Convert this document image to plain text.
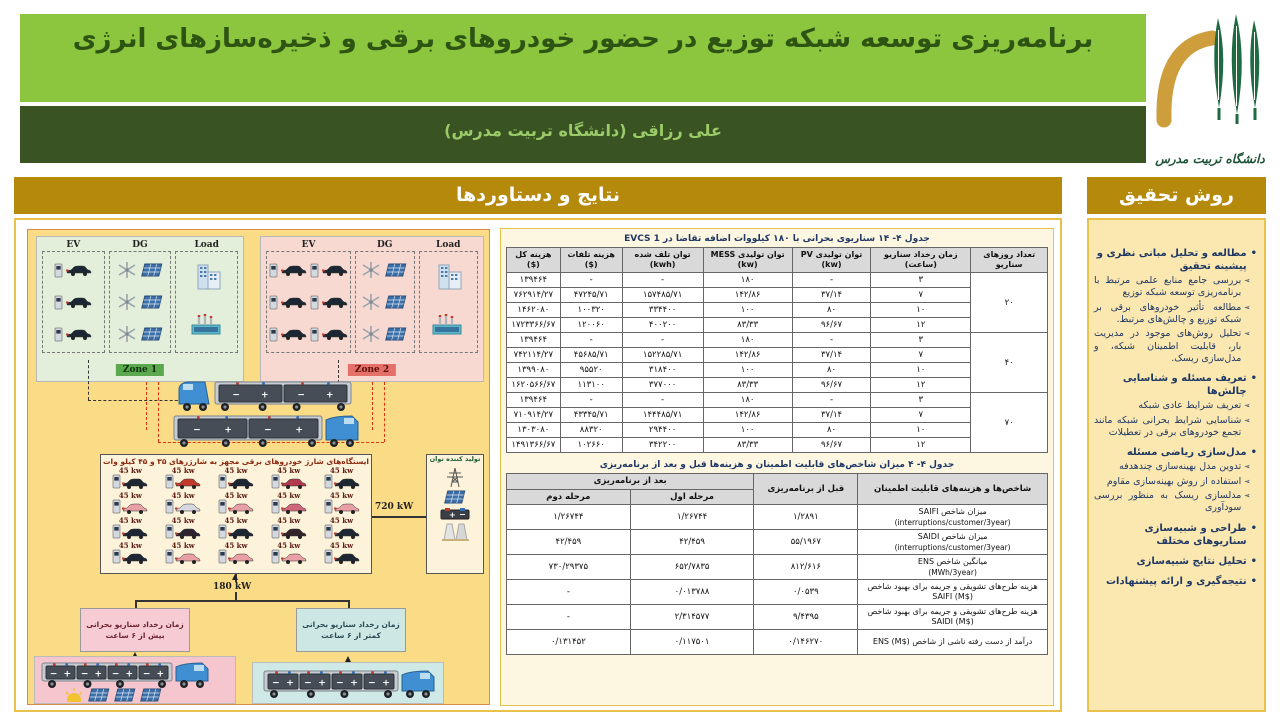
برنامه‌ریزی توسعه شبکه توزیع در حضور خودروهای برقی و ذخیره‌سازهای انرژی
علی رزاقی (دانشگاه تربیت مدرس)
دانشگاه تربیت مدرس
نتایج و دستاوردها	روش تحقیق
EV	DG	Load
Zone 1
EV	DG	Load
Zone 2
− +	− +
−	+	−	+
ایستگاه‌های شارژ خودروهای برقی مجهز به شارژرهای ۳۵ و ۴۵ کیلو وات
45 kw	45 kw	45 kw	45 kw	45 kw
45 kw	45 kw	45 kw	45 kw	45 kw
45 kw	45 kw	45 kw	45 kw	45 kw
45 kw	45 kw	45 kw	45 kw	45 kw
تولید کننده توان
+ −
720 kW
180 kW
زمان رخداد سناریو بحرانی بیش از ۶ ساعت
زمان رخداد سناریو بحرانی کمتر از ۶ ساعت
− + − + − + − +
− + − + − + − +
جدول ۴- ۱۴ سناریوی بحرانی با ۱۸۰ کیلووات اضافه تقاضا در EVCS 1
تعداد روزهای سناریو	زمان رخداد سناریو (ساعت)	توان تولیدی PV (kw)	توان تولیدی MESS (kw)	توان تلف شده (kwh)	هزینه تلفات ($)	هزینه کل ($)
۲۰	۳	-	۱۸۰	-	-	۱۳۹۴۶۴
	۷	۳۷/۱۴	۱۴۲/۸۶	۱۵۷۴۸۵/۷۱	۴۷۲۴۵/۷۱	۷۶۲۹۱۴/۲۷
	۱۰	۸۰	۱۰۰	۳۳۴۴۰۰	۱۰۰۳۲۰	۱۴۶۲۰۸۰
	۱۲	۹۶/۶۷	۸۳/۳۳	۴۰۰۲۰۰	۱۲۰۰۶۰	۱۷۲۳۳۶۶/۶۷
۴۰	۳	-	۱۸۰	-	-	۱۳۹۴۶۴
	۷	۳۷/۱۴	۱۴۲/۸۶	۱۵۲۲۸۵/۷۱	۴۵۶۸۵/۷۱	۷۴۲۱۱۴/۲۷
	۱۰	۸۰	۱۰۰	۳۱۸۴۰۰	۹۵۵۲۰	۱۳۹۹۰۸۰
	۱۲	۹۶/۶۷	۸۳/۳۳	۳۷۷۰۰۰	۱۱۳۱۰۰	۱۶۲۰۵۶۶/۶۷
۷۰	۳	-	۱۸۰	-	-	۱۳۹۴۶۴
	۷	۳۷/۱۴	۱۴۲/۸۶	۱۴۴۴۸۵/۷۱	۴۳۳۴۵/۷۱	۷۱۰۹۱۴/۲۷
	۱۰	۸۰	۱۰۰	۲۹۴۴۰۰	۸۸۳۲۰	۱۳۰۳۰۸۰
	۱۲	۹۶/۶۷	۸۳/۳۳	۳۴۲۲۰۰	۱۰۲۶۶۰	۱۴۹۱۳۶۶/۶۷
جدول ۴- ۴ میزان شاخص‌های قابلیت اطمینان و هزینه‌ها قبل و بعد از برنامه‌ریزی
شاخص‌ها و هزینه‌های قابلیت اطمینان	قبل از برنامه‌ریزی	بعد از برنامه‌ریزی	
		مرحله اول	مرحله دوم
میزان شاخص SAIFI
(interruptions/customer/3year)	۱/۲۸۹۱	۱/۲۶۷۴۴	۱/۲۶۷۴۴
میزان شاخص SAIDI
(interruptions/customer/3year)	۵۵/۱۹۶۷	۴۲/۴۵۹	۴۲/۴۵۹
میانگین شاخص ENS
(MWh/3year)	۸۱۲/۶۱۶	۶۵۲/۷۸۳۵	۷۳۰/۲۹۳۷۵
هزینه طرح‌های تشویقی و جریمه برای بهبود شاخص SAIFI (M$)	۰/۰۵۳۹	۰/۰۱۳۷۸۸	-
هزینه طرح‌های تشویقی و جریمه برای بهبود شاخص SAIDI (M$)	۹/۴۳۹۵	۲/۳۱۴۵۷۷	-
درآمد از دست رفته ناشی از شاخص ENS (M$)	۰/۱۴۶۲۷۰	۰/۱۱۷۵۰۱	۰/۱۳۱۴۵۲
•
مطالعه و تحلیل مبانی نظری و پیشینه تحقیق
➢
بررسی جامع منابع علمی مرتبط با برنامه‌ریزی توسعه شبکه توزیع
➢
مطالعه تأثیر خودروهای برقی بر شبکه توزیع و چالش‌های مرتبط.
➢
تحلیل روش‌های موجود در مدیریت بار، قابلیت اطمینان شبکه، و مدل‌سازی ریسک.
•
تعریف مسئله و شناسایی چالش‌ها
➢
تعریف شرایط عادی شبکه
➢
شناسایی شرایط بحرانی شبکه مانند تجمع خودروهای برقی در تعطیلات
•
مدل‌سازی ریاضی مسئله
➢
تدوین مدل بهینه‌سازی چندهدفه
➢
استفاده از روش بهینه‌سازی مقاوم
➢
مدلسازی ریسک به منظور بررسی سودآوری
•
طراحی و شبیه‌سازی سناریوهای مختلف
•
تحلیل نتایج شبیه‌سازی
•
نتیجه‌گیری و ارائه پیشنهادات
